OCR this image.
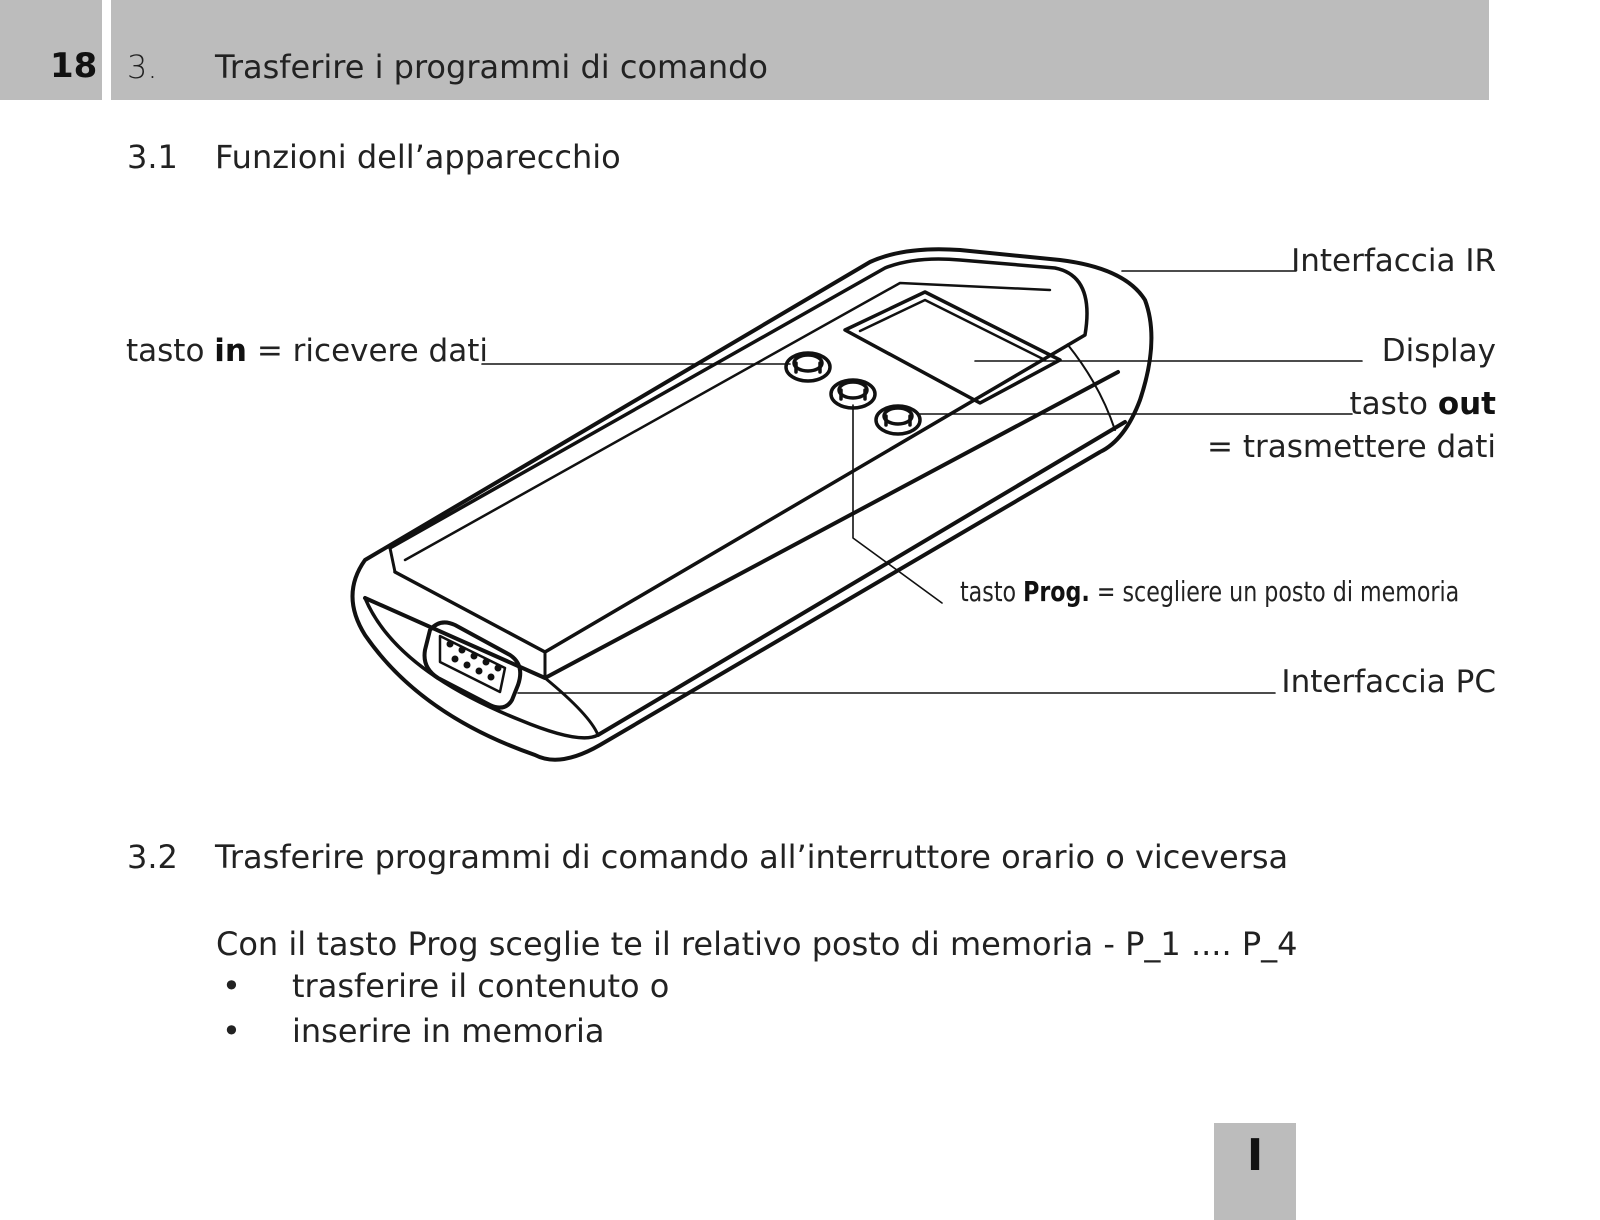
18 3. Trasferire i programmi di comando
3.1 Funzioni dell’apparecchio
tasto in = ricevere dati
Interfaccia IR
Display
tasto out
= trasmettere dati
tasto Prog. = scegliere un posto di memoria
Interfaccia PC
3.2 Trasferire programmi di comando all’interruttore orario o viceversa
Con il tasto Prog sceglie te il relativo posto di memoria - P_1 .... P_4
• trasferire il contenuto o
• inserire in memoria
I
